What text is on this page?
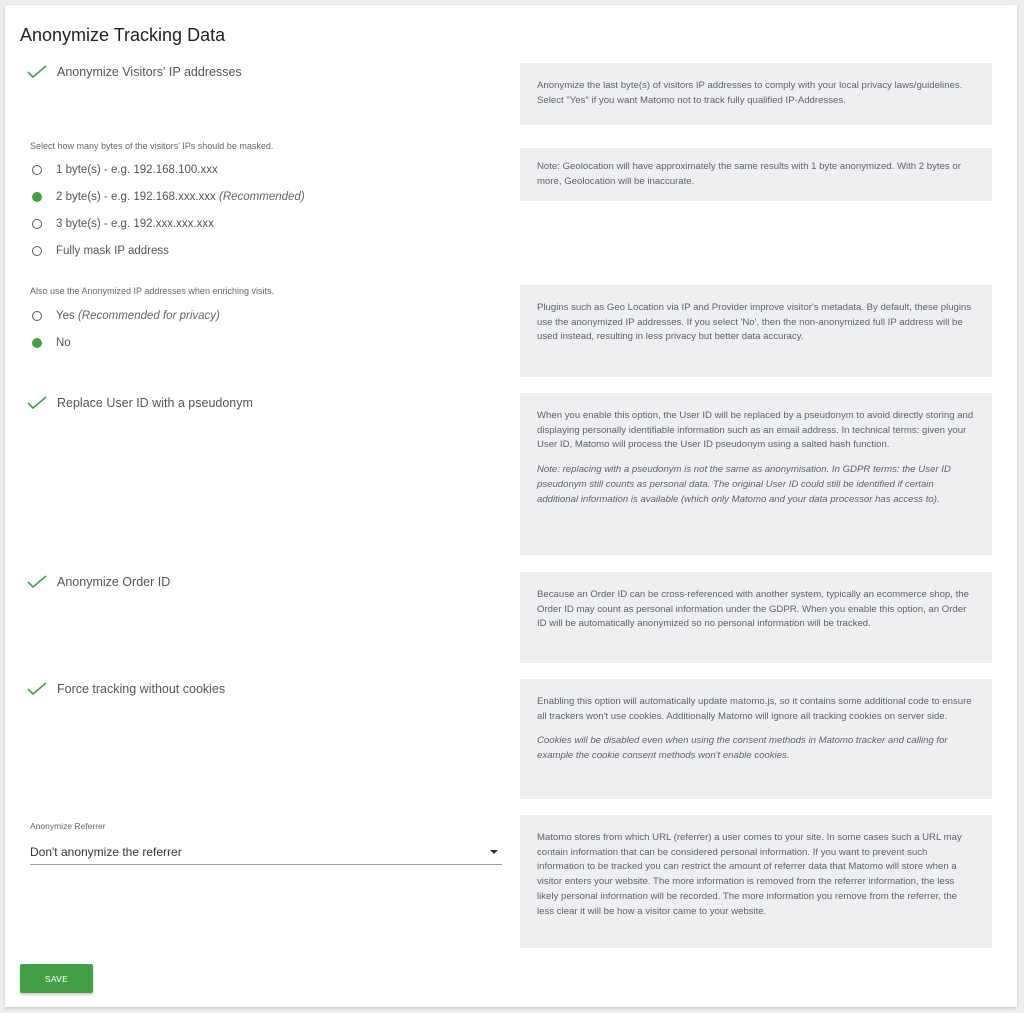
Anonymize Tracking Data
Anonymize Visitors' IP addresses

Anonymize the last byte(s) of visitors IP addresses to comply with your local privacy laws/guidelines. Select "Yes" if you want Matomo not to track fully qualified IP-Addresses.

Select how many bytes of the visitors' IPs should be masked.
1 byte(s) - e.g. 192.168.100.xxx
2 byte(s) - e.g. 192.168.xxx.xxx (Recommended)
3 byte(s) - e.g. 192.xxx.xxx.xxx
Fully mask IP address

Note: Geolocation will have approximately the same results with 1 byte anonymized. With 2 bytes or more, Geolocation will be inaccurate.

Also use the Anonymized IP addresses when enriching visits.
Yes (Recommended for privacy)
No

Plugins such as Geo Location via IP and Provider improve visitor's metadata. By default, these plugins use the anonymized IP addresses. If you select 'No', then the non-anonymized full IP address will be used instead, resulting in less privacy but better data accuracy.

Replace User ID with a pseudonym

When you enable this option, the User ID will be replaced by a pseudonym to avoid directly storing and displaying personally identifiable information such as an email address. In technical terms: given your User ID, Matomo will process the User ID pseudonym using a salted hash function.

Note: replacing with a pseudonym is not the same as anonymisation. In GDPR terms: the User ID pseudonym still counts as personal data. The original User ID could still be identified if certain additional information is available (which only Matomo and your data processor has access to).

Anonymize Order ID

Because an Order ID can be cross-referenced with another system, typically an ecommerce shop, the Order ID may count as personal information under the GDPR. When you enable this option, an Order ID will be automatically anonymized so no personal information will be tracked.

Force tracking without cookies

Enabling this option will automatically update matomo.js, so it contains some additional code to ensure all trackers won't use cookies. Additionally Matomo will ignore all tracking cookies on server side.

Cookies will be disabled even when using the consent methods in Matomo tracker and calling for example the cookie consent methods won't enable cookies.

Anonymize Referrer
Don't anonymize the referrer

Matomo stores from which URL (referrer) a user comes to your site. In some cases such a URL may contain information that can be considered personal information. If you want to prevent such information to be tracked you can restrict the amount of referrer data that Matomo will store when a visitor enters your website. The more information is removed from the referrer information, the less likely personal information will be recorded. The more information you remove from the referrer, the less clear it will be how a visitor came to your website.

SAVE
